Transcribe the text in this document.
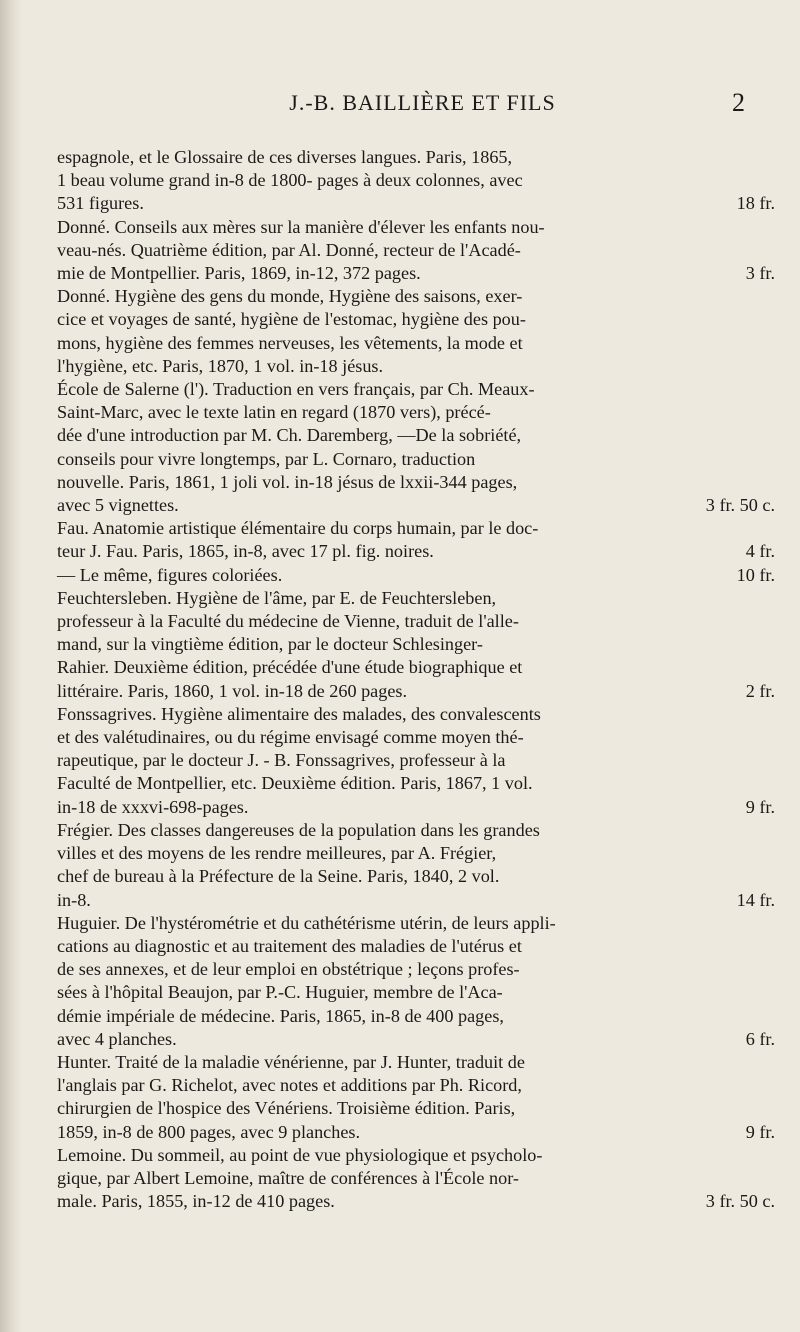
J.-B. BAILLIÈRE ET FILS	2
espagnole, et le Glossaire de ces diverses langues. Paris, 1865,
1 beau volume grand in-8 de 1800- pages à deux colonnes, avec
531 figures.	18 fr.
Donné. Conseils aux mères sur la manière d'élever les enfants nou-
veau-nés. Quatrième édition, par Al. Donné, recteur de l'Acadé-
mie de Montpellier. Paris, 1869, in-12, 372 pages.	3 fr.
Donné. Hygiène des gens du monde, Hygiène des saisons, exer-
cice et voyages de santé, hygiène de l'estomac, hygiène des pou-
mons, hygiène des femmes nerveuses, les vêtements, la mode et
l'hygiène, etc. Paris, 1870, 1 vol. in-18 jésus.
École de Salerne (l'). Traduction en vers français, par Ch. Meaux-
Saint-Marc, avec le texte latin en regard (1870 vers), précé-
dée d'une introduction par M. Ch. Daremberg, —De la sobriété,
conseils pour vivre longtemps, par L. Cornaro, traduction
nouvelle. Paris, 1861, 1 joli vol. in-18 jésus de lxxii-344 pages,
avec 5 vignettes.	3 fr. 50 c.
Fau. Anatomie artistique élémentaire du corps humain, par le doc-
teur J. Fau. Paris, 1865, in-8, avec 17 pl. fig. noires.	4 fr.
— Le même, figures coloriées.	10 fr.
Feuchtersleben. Hygiène de l'âme, par E. de Feuchtersleben,
professeur à la Faculté du médecine de Vienne, traduit de l'alle-
mand, sur la vingtième édition, par le docteur Schlesinger-
Rahier. Deuxième édition, précédée d'une étude biographique et
littéraire. Paris, 1860, 1 vol. in-18 de 260 pages.	2 fr.
Fonssagrives. Hygiène alimentaire des malades, des convalescents
et des valétudinaires, ou du régime envisagé comme moyen thé-
rapeutique, par le docteur J. - B. Fonssagrives, professeur à la
Faculté de Montpellier, etc. Deuxième édition. Paris, 1867, 1 vol.
in-18 de xxxvi-698-pages.	9 fr.
Frégier. Des classes dangereuses de la population dans les grandes
villes et des moyens de les rendre meilleures, par A. Frégier,
chef de bureau à la Préfecture de la Seine. Paris, 1840, 2 vol.
in-8.	14 fr.
Huguier. De l'hystérométrie et du cathétérisme utérin, de leurs appli-
cations au diagnostic et au traitement des maladies de l'utérus et
de ses annexes, et de leur emploi en obstétrique ; leçons profes-
sées à l'hôpital Beaujon, par P.-C. Huguier, membre de l'Aca-
démie impériale de médecine. Paris, 1865, in-8 de 400 pages,
avec 4 planches.	6 fr.
Hunter. Traité de la maladie vénérienne, par J. Hunter, traduit de
l'anglais par G. Richelot, avec notes et additions par Ph. Ricord,
chirurgien de l'hospice des Vénériens. Troisième édition. Paris,
1859, in-8 de 800 pages, avec 9 planches.	9 fr.
Lemoine. Du sommeil, au point de vue physiologique et psycholo-
gique, par Albert Lemoine, maître de conférences à l'École nor-
male. Paris, 1855, in-12 de 410 pages.	3 fr. 50 c.
